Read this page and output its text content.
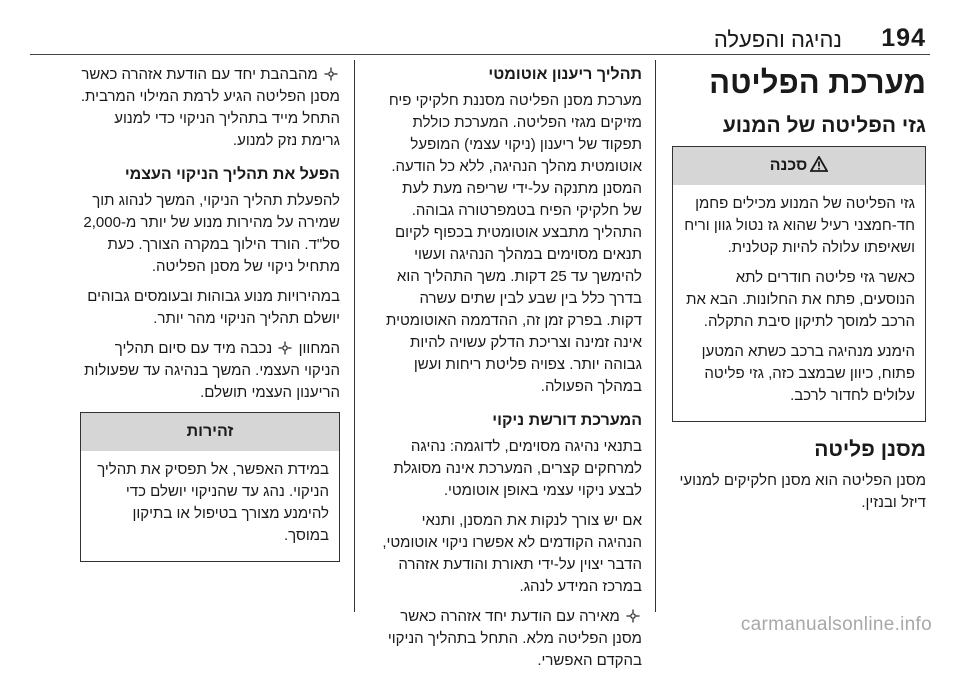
194
נהיגה והפעלה
מערכת הפליטה
גזי הפליטה של המנוע
סכנה

גזי הפליטה של המנוע מכילים פחמן חד-חמצני רעיל שהוא גז נטול גוון וריח ושאיפתו עלולה להיות קטלנית.

כאשר גזי פליטה חודרים לתא הנוסעים, פתח את החלונות. הבא את הרכב למוסך לתיקון סיבת התקלה.

הימנע מנהיגה ברכב כשתא המטען פתוח, כיוון שבמצב כזה, גזי פליטה עלולים לחדור לרכב.

מסנן פליטה

מסנן הפליטה הוא מסנן חלקיקים למנועי דיזל ובנזין.

תהליך ריענון אוטומטי

מערכת מסנן הפליטה מסננת חלקיקי פיח מזיקים מגזי הפליטה. המערכת כוללת תפקוד של ריענון (ניקוי עצמי) המופעל אוטומטית מהלך הנהיגה, ללא כל הודעה. המסנן מתנקה על-ידי שריפה מעת לעת של חלקיקי הפיח בטמפרטורה גבוהה. התהליך מתבצע אוטומטית בכפוף לקיום תנאים מסוימים במהלך הנהיגה ועשוי להימשך עד 25 דקות. משך התהליך הוא בדרך כלל בין שבע לבין שתים עשרה דקות. בפרק זמן זה, ההדממה האוטומטית אינה זמינה וצריכת הדלק עשויה להיות גבוהה יותר. צפויה פליטת ריחות ועשן במהלך הפעולה.

המערכת דורשת ניקוי

בתנאי נהיגה מסוימים, לדוגמה: נהיגה למרחקים קצרים, המערכת אינה מסוגלת לבצע ניקוי עצמי באופן אוטומטי.

אם יש צורך לנקות את המסנן, ותנאי הנהיגה הקודמים לא אפשרו ניקוי אוטומטי, הדבר יצוין על-ידי תאורת והודעת אזהרה במרכז המידע לנהג.

מאירה עם הודעת יחד אזהרה כאשר מסנן הפליטה מלא. התחל בתהליך הניקוי בהקדם האפשרי.

מהבהבת יחד עם הודעת אזהרה כאשר מסנן הפליטה הגיע לרמת המילוי המרבית. התחל מייד בתהליך הניקוי כדי למנוע גרימת נזק למנוע.

הפעל את תהליך הניקוי העצמי

להפעלת תהליך הניקוי, המשך לנהוג תוך שמירה על מהירות מנוע של יותר מ-2,000 סל"ד. הורד הילוך במקרה הצורך. כעת מתחיל ניקוי של מסנן הפליטה.

במהירויות מנוע גבוהות ובעומסים גבוהים יושלם תהליך הניקוי מהר יותר.

המחוון  נכבה מיד עם סיום תהליך הניקוי העצמי. המשך בנהיגה עד שפעולות הריענון העצמי תושלם.

זהירות

במידת האפשר, אל תפסיק את תהליך הניקוי. נהג עד שהניקוי יושלם כדי להימנע מצורך בטיפול או בתיקון במוסך.

carmanualsonline.info
